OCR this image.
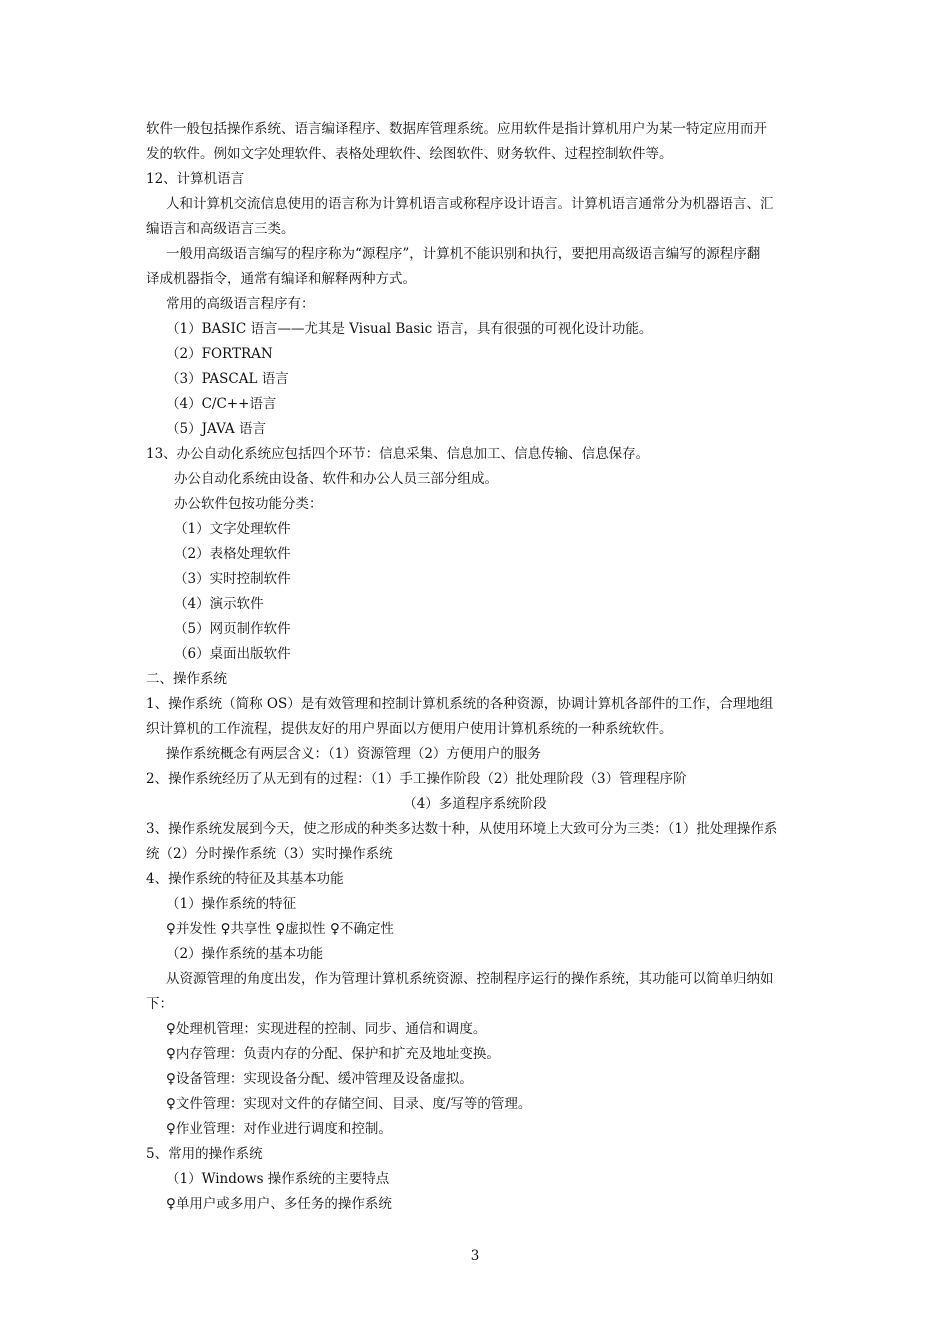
软件一般包括操作系统、语言编译程序、数据库管理系统。应用软件是指计算机用户为某一特定应用而开
发的软件。例如文字处理软件、表格处理软件、绘图软件、财务软件、过程控制软件等。
12、计算机语言
人和计算机交流信息使用的语言称为计算机语言或称程序设计语言。计算机语言通常分为机器语言、汇
编语言和高级语言三类。
一般用高级语言编写的程序称为“源程序”，计算机不能识别和执行，要把用高级语言编写的源程序翻
译成机器指令，通常有编译和解释两种方式。
常用的高级语言程序有：
（1）BASIC 语言——尤其是 Visual Basic 语言，具有很强的可视化设计功能。
（2）FORTRAN
（3）PASCAL 语言
（4）C/C++语言
（5）JAVA 语言
13、办公自动化系统应包括四个环节：信息采集、信息加工、信息传输、信息保存。
办公自动化系统由设备、软件和办公人员三部分组成。
办公软件包按功能分类：
（1）文字处理软件
（2）表格处理软件
（3）实时控制软件
（4）演示软件
（5）网页制作软件
（6）桌面出版软件
二、操作系统
1、操作系统（简称 OS）是有效管理和控制计算机系统的各种资源，协调计算机各部件的工作，合理地组
织计算机的工作流程，提供友好的用户界面以方便用户使用计算机系统的一种系统软件。
操作系统概念有两层含义：（1）资源管理（2）方便用户的服务
2、操作系统经历了从无到有的过程：（1）手工操作阶段（2）批处理阶段（3）管理程序阶
（4）多道程序系统阶段
3、操作系统发展到今天，使之形成的种类多达数十种，从使用环境上大致可分为三类：（1）批处理操作系
统（2）分时操作系统（3）实时操作系统
4、操作系统的特征及其基本功能
（1）操作系统的特征
♀并发性 ♀共享性 ♀虚拟性 ♀不确定性
（2）操作系统的基本功能
从资源管理的角度出发，作为管理计算机系统资源、控制程序运行的操作系统，其功能可以简单归纳如
下：
♀处理机管理：实现进程的控制、同步、通信和调度。
♀内存管理：负责内存的分配、保护和扩充及地址变换。
♀设备管理：实现设备分配、缓冲管理及设备虚拟。
♀文件管理：实现对文件的存储空间、目录、度/写等的管理。
♀作业管理：对作业进行调度和控制。
5、常用的操作系统
（1）Windows 操作系统的主要特点
♀单用户或多用户、多任务的操作系统
3
